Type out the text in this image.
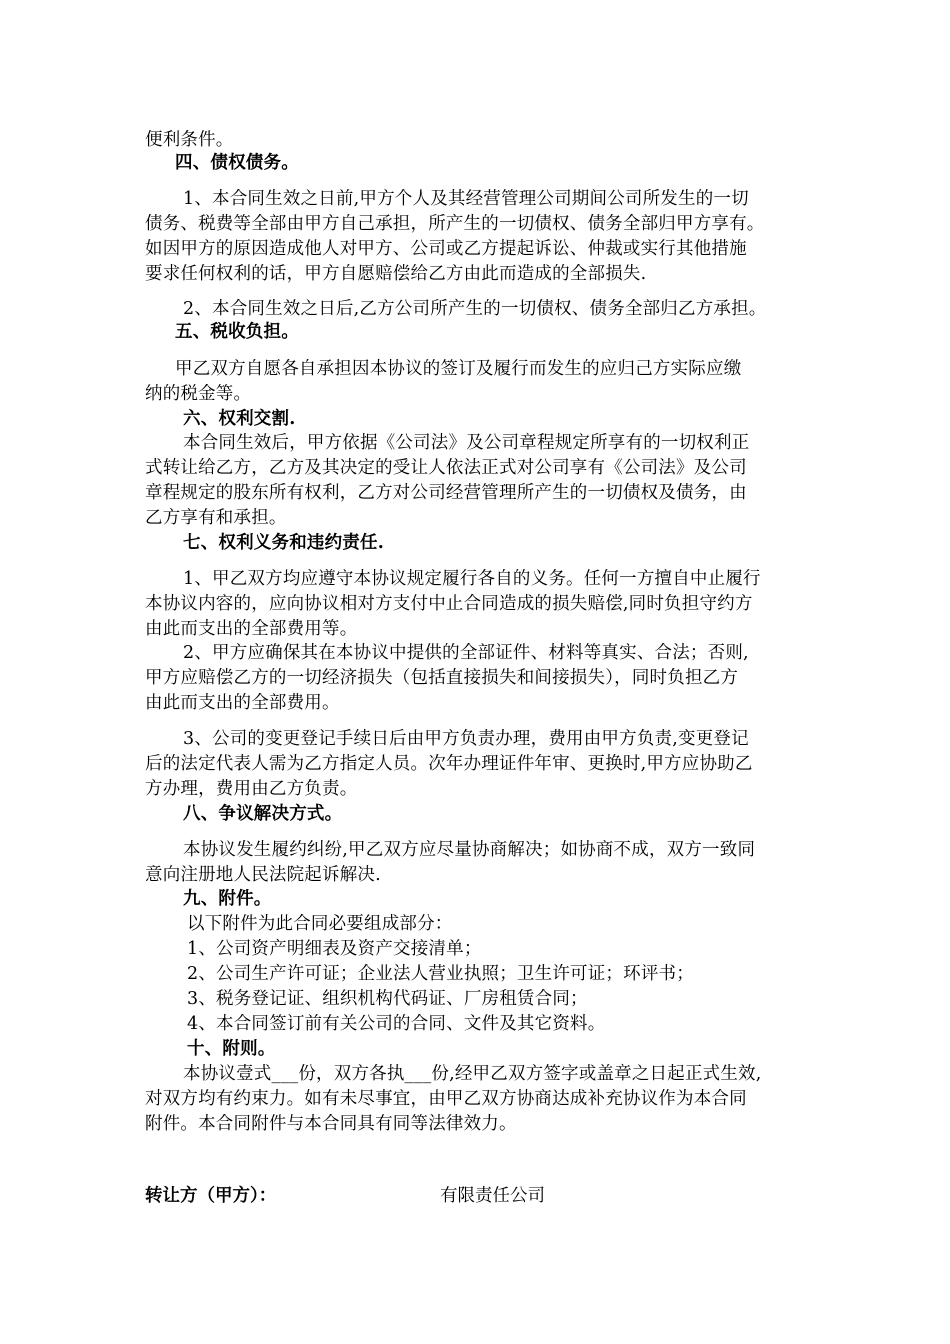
便利条件。
四、债权债务。
1、本合同生效之日前,甲方个人及其经营管理公司期间公司所发生的一切
债务、税费等全部由甲方自己承担，所产生的一切债权、债务全部归甲方享有。
如因甲方的原因造成他人对甲方、公司或乙方提起诉讼、仲裁或实行其他措施
要求任何权利的话，甲方自愿赔偿给乙方由此而造成的全部损失.
2、本合同生效之日后,乙方公司所产生的一切债权、债务全部归乙方承担。
五、税收负担。
甲乙双方自愿各自承担因本协议的签订及履行而发生的应归己方实际应缴
纳的税金等。
六、权利交割.
本合同生效后，甲方依据《公司法》及公司章程规定所享有的一切权利正
式转让给乙方，乙方及其决定的受让人依法正式对公司享有《公司法》及公司
章程规定的股东所有权利，乙方对公司经营管理所产生的一切债权及债务，由
乙方享有和承担。
七、权利义务和违约责任.
1、甲乙双方均应遵守本协议规定履行各自的义务。任何一方擅自中止履行
本协议内容的，应向协议相对方支付中止合同造成的损失赔偿,同时负担守约方
由此而支出的全部费用等。
2、甲方应确保其在本协议中提供的全部证件、材料等真实、合法；否则,
甲方应赔偿乙方的一切经济损失（包括直接损失和间接损失），同时负担乙方
由此而支出的全部费用。
3、公司的变更登记手续日后由甲方负责办理，费用由甲方负责,变更登记
后的法定代表人需为乙方指定人员。次年办理证件年审、更换时,甲方应协助乙
方办理，费用由乙方负责。
八、争议解决方式。
本协议发生履约纠纷,甲乙双方应尽量协商解决；如协商不成，双方一致同
意向注册地人民法院起诉解决.
九、附件。
以下附件为此合同必要组成部分：
1、公司资产明细表及资产交接清单；
2、公司生产许可证；企业法人营业执照；卫生许可证；环评书；
3、税务登记证、组织机构代码证、厂房租赁合同；
4、本合同签订前有关公司的合同、文件及其它资料。
十、附则。
本协议壹式___份，双方各执___份,经甲乙双方签字或盖章之日起正式生效,
对双方均有约束力。如有未尽事宜，由甲乙双方协商达成补充协议作为本合同
附件。本合同附件与本合同具有同等法律效力。
转让方（甲方）：	有限责任公司
